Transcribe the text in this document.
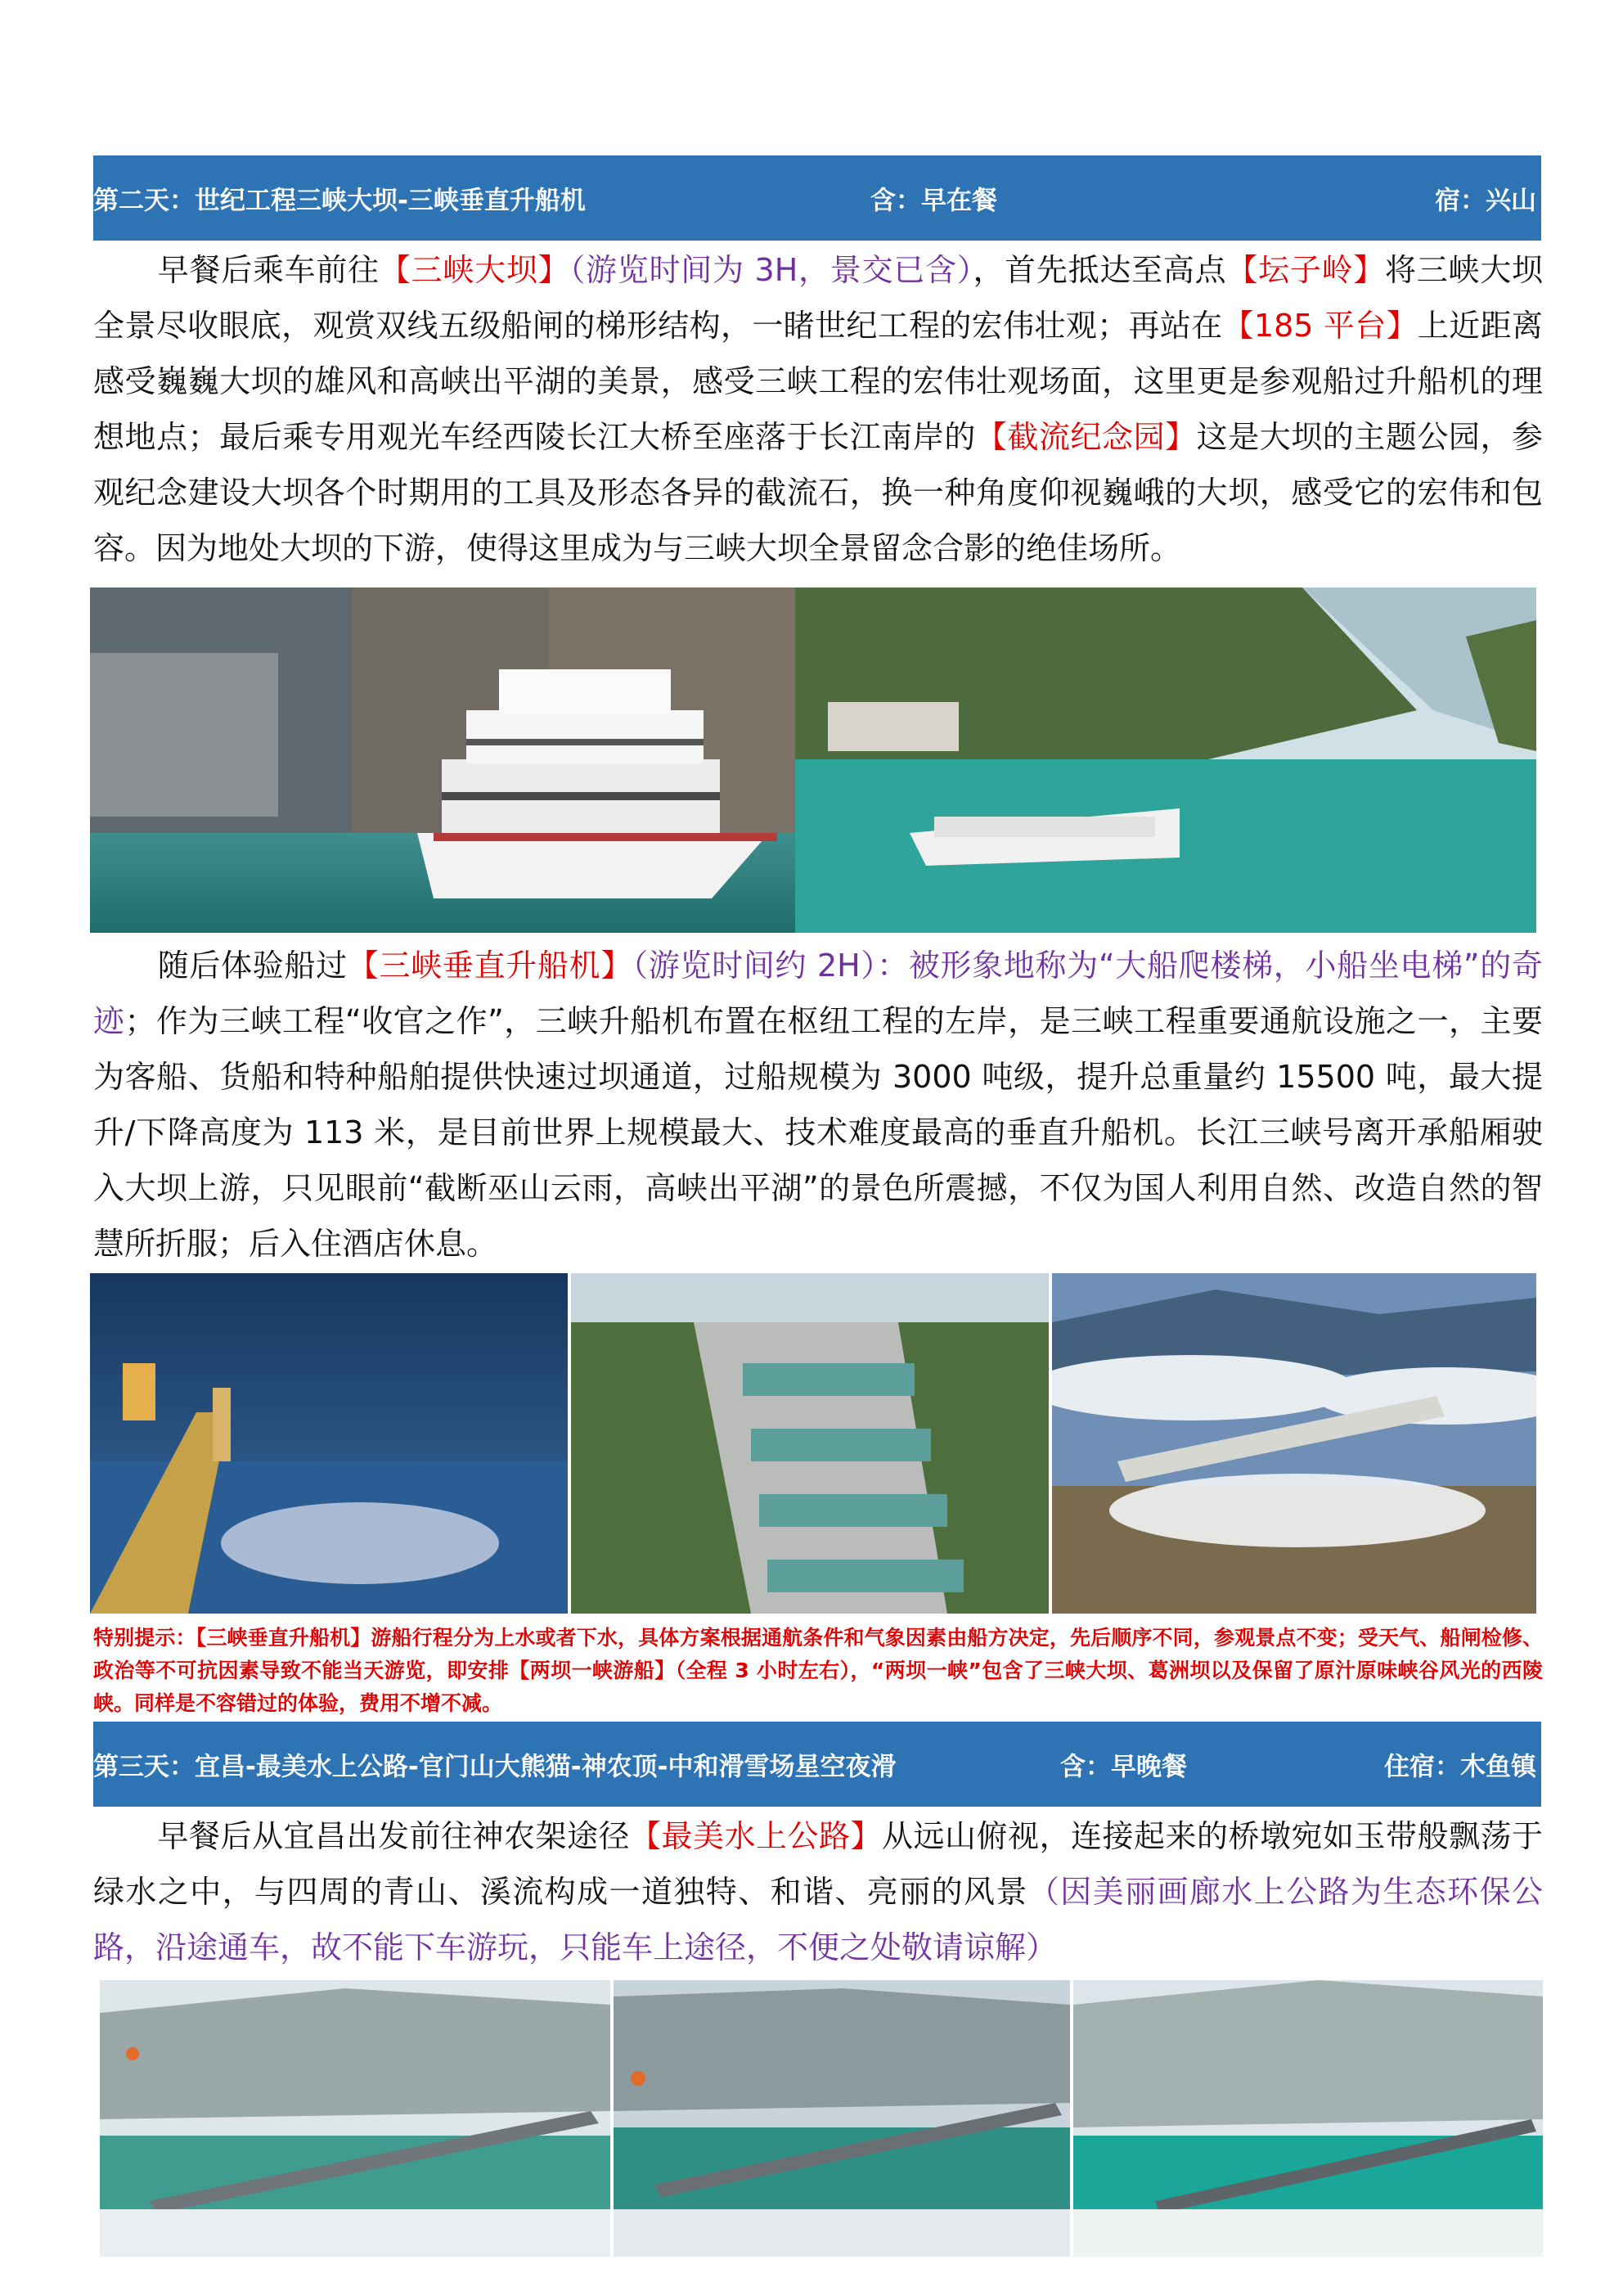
第二天：世纪工程三峡大坝-三峡垂直升船机	含：早在餐	宿：兴山
早餐后乘车前往【三峡大坝】（游览时间为 3H，景交已含），首先抵达至高点【坛子岭】将三峡大坝全景尽收眼底，观赏双线五级船闸的梯形结构，一睹世纪工程的宏伟壮观；再站在【185 平台】上近距离感受巍巍大坝的雄风和高峡出平湖的美景，感受三峡工程的宏伟壮观场面，这里更是参观船过升船机的理想地点；最后乘专用观光车经西陵长江大桥至座落于长江南岸的【截流纪念园】这是大坝的主题公园，参观纪念建设大坝各个时期用的工具及形态各异的截流石，换一种角度仰视巍峨的大坝，感受它的宏伟和包容。因为地处大坝的下游，使得这里成为与三峡大坝全景留念合影的绝佳场所。
随后体验船过【三峡垂直升船机】（游览时间约 2H）：被形象地称为“大船爬楼梯，小船坐电梯”的奇迹；作为三峡工程“收官之作”，三峡升船机布置在枢纽工程的左岸，是三峡工程重要通航设施之一，主要为客船、货船和特种船舶提供快速过坝通道，过船规模为 3000 吨级，提升总重量约 15500 吨，最大提升/下降高度为 113 米，是目前世界上规模最大、技术难度最高的垂直升船机。长江三峡号离开承船厢驶入大坝上游，只见眼前“截断巫山云雨，高峡出平湖”的景色所震撼，不仅为国人利用自然、改造自然的智慧所折服；后入住酒店休息。
特别提示：【三峡垂直升船机】游船行程分为上水或者下水，具体方案根据通航条件和气象因素由船方决定，先后顺序不同，参观景点不变；受天气、船闸检修、政治等不可抗因素导致不能当天游览，即安排【两坝一峡游船】（全程 3 小时左右），“两坝一峡”包含了三峡大坝、葛洲坝以及保留了原汁原味峡谷风光的西陵峡。同样是不容错过的体验，费用不增不减。
第三天：宜昌-最美水上公路-官门山大熊猫-神农顶-中和滑雪场星空夜滑	含：早晚餐	住宿：木鱼镇
早餐后从宜昌出发前往神农架途径【最美水上公路】从远山俯视，连接起来的桥墩宛如玉带般飘荡于绿水之中，与四周的青山、溪流构成一道独特、和谐、亮丽的风景（因美丽画廊水上公路为生态环保公路，沿途通车，故不能下车游玩，只能车上途径，不便之处敬请谅解）
